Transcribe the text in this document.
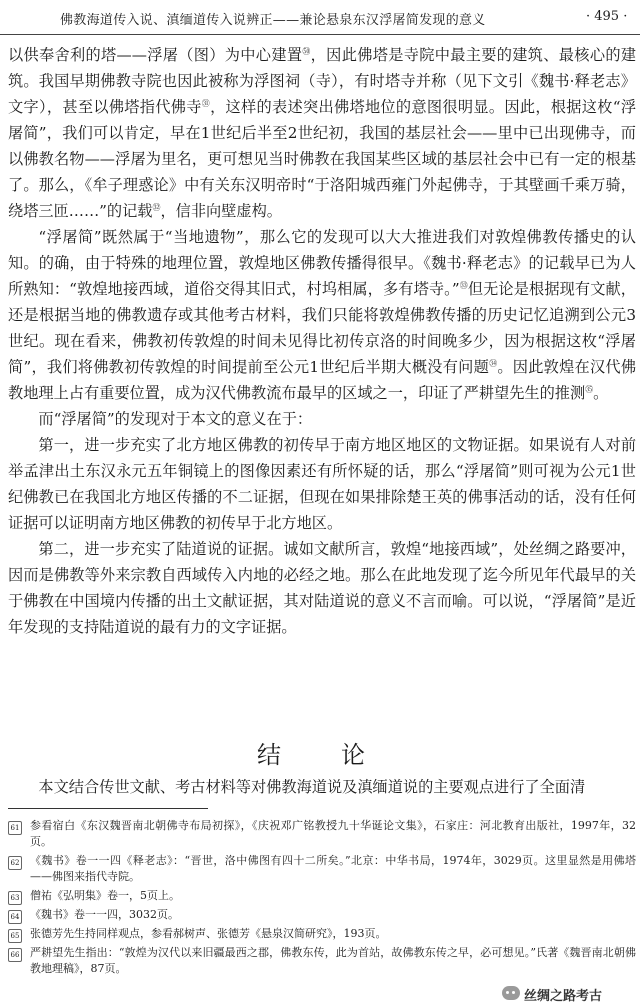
佛教海道传入说、滇缅道传入说辨正——兼论悬泉东汉浮屠简发现的意义	· 495 ·

以供奉舍利的塔——浮屠（图）为中心建置$^㊿$，因此佛塔是寺院中最主要的建筑、最核心的建筑。我国早期佛教寺院也因此被称为浮图祠（寺），有时塔寺并称（见下文引《魏书·释老志》文字），甚至以佛塔指代佛寺$^㉛$，这样的表述突出佛塔地位的意图很明显。因此，根据这枚“浮屠简”，我们可以肯定，早在1世纪后半至2世纪初，我国的基层社会——里中已出现佛寺，而以佛教名物——浮屠为里名，更可想见当时佛教在我国某些区域的基层社会中已有一定的根基了。那么，《牟子理惑论》中有关东汉明帝时“于洛阳城西雍门外起佛寺，于其壁画千乘万骑，绕塔三匝……”的记载$^㉜$，信非向壁虚构。

“浮屠简”既然属于“当地遗物”，那么它的发现可以大大推进我们对敦煌佛教传播史的认知。的确，由于特殊的地理位置，敦煌地区佛教传播得很早。《魏书·释老志》的记载早已为人所熟知：“敦煌地接西域，道俗交得其旧式，村坞相属，多有塔寺。”$^㉝$但无论是根据现有文献，还是根据当地的佛教遗存或其他考古材料，我们只能将敦煌佛教传播的历史记忆追溯到公元3世纪。现在看来，佛教初传敦煌的时间未见得比初传京洛的时间晚多少，因为根据这枚“浮屠简”，我们将佛教初传敦煌的时间提前至公元1世纪后半期大概没有问题$^㉞$。因此敦煌在汉代佛教地理上占有重要位置，成为汉代佛教流布最早的区域之一，印证了严耕望先生的推测$^㉟$。

而“浮屠简”的发现对于本文的意义在于：

第一，进一步充实了北方地区佛教的初传早于南方地区地区的文物证据。如果说有人对前举孟津出土东汉永元五年铜镜上的图像因素还有所怀疑的话，那么“浮屠简”则可视为公元1世纪佛教已在我国北方地区传播的不二证据，但现在如果排除楚王英的佛事活动的话，没有任何证据可以证明南方地区佛教的初传早于北方地区。

第二，进一步充实了陆道说的证据。诚如文献所言，敦煌“地接西域”，处丝绸之路要冲，因而是佛教等外来宗教自西域传入内地的必经之地。那么在此地发现了迄今所见年代最早的关于佛教在中国境内传播的出土文献证据，其对陆道说的意义不言而喻。可以说，“浮屠简”是近年发现的支持陆道说的最有力的文字证据。

结　论

本文结合传世文献、考古材料等对佛教海道说及滇缅道说的主要观点进行了全面清

61 参看宿白《东汉魏晋南北朝佛寺布局初探》，《庆祝邓广铭教授九十华诞论文集》，石家庄：河北教育出版社，1997年，32页。
62 《魏书》卷一一四《释老志》：“晋世，洛中佛图有四十二所矣。”北京：中华书局，1974年，3029页。这里显然是用佛塔——佛图来指代寺院。
63 僧祐《弘明集》卷一，5页上。
64 《魏书》卷一一四，3032页。
65 张德芳先生持同样观点，参看郝树声、张德芳《悬泉汉简研究》，193页。
66 严耕望先生指出：“敦煌为汉代以来旧疆最西之郡，佛教东传，此为首站，故佛教东传之早，必可想见。”氏著《魏晋南北朝佛教地理稿》，87页。
丝绸之路考古
